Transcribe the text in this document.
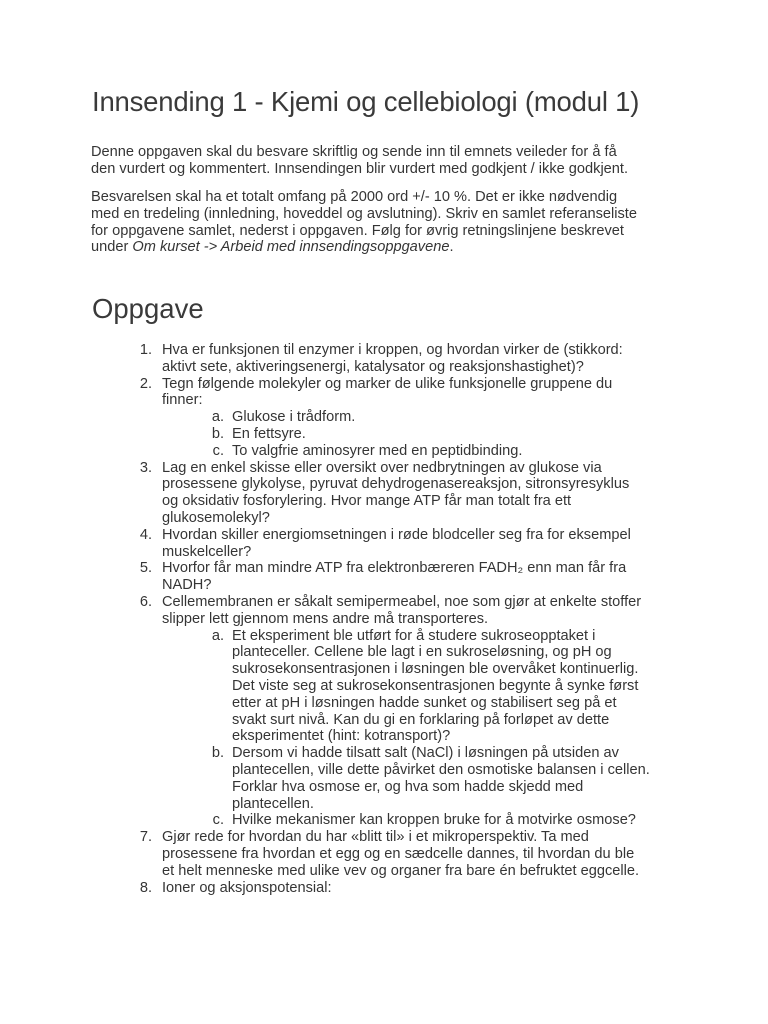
Innsending 1 - Kjemi og cellebiologi (modul 1)
Denne oppgaven skal du besvare skriftlig og sende inn til emnets veileder for å få
den vurdert og kommentert. Innsendingen blir vurdert med godkjent / ikke godkjent.
Besvarelsen skal ha et totalt omfang på 2000 ord +/- 10 %. Det er ikke nødvendig
med en tredeling (innledning, hoveddel og avslutning). Skriv en samlet referanseliste
for oppgavene samlet, nederst i oppgaven. Følg for øvrig retningslinjene beskrevet
under Om kurset -> Arbeid med innsendingsoppgavene.
Oppgave
1. Hva er funksjonen til enzymer i kroppen, og hvordan virker de (stikkord:
aktivt sete, aktiveringsenergi, katalysator og reaksjonshastighet)?
2. Tegn følgende molekyler og marker de ulike funksjonelle gruppene du
finner:
a. Glukose i trådform.
b. En fettsyre.
c. To valgfrie aminosyrer med en peptidbinding.
3. Lag en enkel skisse eller oversikt over nedbrytningen av glukose via
prosessene glykolyse, pyruvat dehydrogenasereaksjon, sitronsyresyklus
og oksidativ fosforylering. Hvor mange ATP får man totalt fra ett
glukosemolekyl?
4. Hvordan skiller energiomsetningen i røde blodceller seg fra for eksempel
muskelceller?
5. Hvorfor får man mindre ATP fra elektronbæreren FADH₂ enn man får fra
NADH?
6. Cellemembranen er såkalt semipermeabel, noe som gjør at enkelte stoffer
slipper lett gjennom mens andre må transporteres.
a. Et eksperiment ble utført for å studere sukroseopptaket i
planteceller. Cellene ble lagt i en sukroseløsning, og pH og
sukrosekonsentrasjonen i løsningen ble overvåket kontinuerlig.
Det viste seg at sukrosekonsentrasjonen begynte å synke først
etter at pH i løsningen hadde sunket og stabilisert seg på et
svakt surt nivå. Kan du gi en forklaring på forløpet av dette
eksperimentet (hint: kotransport)?
b. Dersom vi hadde tilsatt salt (NaCl) i løsningen på utsiden av
plantecellen, ville dette påvirket den osmotiske balansen i cellen.
Forklar hva osmose er, og hva som hadde skjedd med
plantecellen.
c. Hvilke mekanismer kan kroppen bruke for å motvirke osmose?
7. Gjør rede for hvordan du har «blitt til» i et mikroperspektiv. Ta med
prosessene fra hvordan et egg og en sædcelle dannes, til hvordan du ble
et helt menneske med ulike vev og organer fra bare én befruktet eggcelle.
8. Ioner og aksjonspotensial:
